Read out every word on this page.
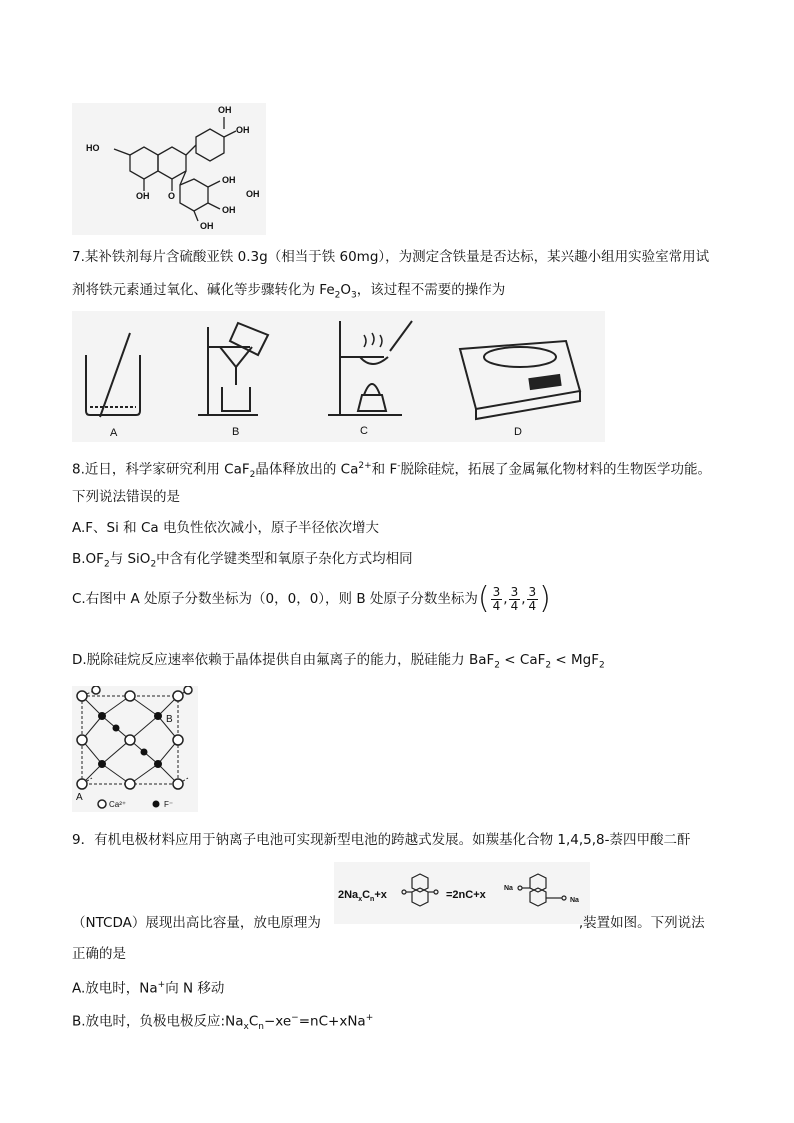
OH
OH
HO
OH O
OH
OH
OH
OH
7.某补铁剂每片含硫酸亚铁 0.3g（相当于铁 60mg），为测定含铁量是否达标，某兴趣小组用实验室常用试
剂将铁元素通过氧化、碱化等步骤转化为 $Fe_2O_3$，该过程不需要的操作为
A	B	C	D
8.近日，科学家研究利用 CaF$_2$晶体释放出的 $Ca^{2+}$和 F-脱除硅烷，拓展了金属氟化物材料的生物医学功能。
下列说法错误的是
A.F、Si 和 Ca 电负性依次减小，原子半径依次增大
$B.OF_2$与 SiO$_2$中含有化学键类型和氧原子杂化方式均相同
C.右图中 A 处原子分数坐标为（0，0，0），则 B 处原子分数坐标为( $\frac{3}{4}$ , $\frac{3}{4}$ , $\frac{3}{4}$ )
D.脱除硅烷反应速率依赖于晶体提供自由氟离子的能力，脱硅能力 BaF$_2$ < CaF$_2$ < MgF$_2$
B
A
Ca²⁺	F⁻
9．有机电极材料应用于钠离子电池可实现新型电池的跨越式发展。如羰基化合物 1,4,5,8-萘四甲酸二酐
$2Na_xC_n+x$	=2nC+x
Na
Na
（NTCDA）展现出高比容量，放电原理为	,装置如图。下列说法
正确的是
A.放电时，Na+向 N 移动
B.放电时，负极电极反应$:Na_xC_n-xe^-=nC+xNa^+$
